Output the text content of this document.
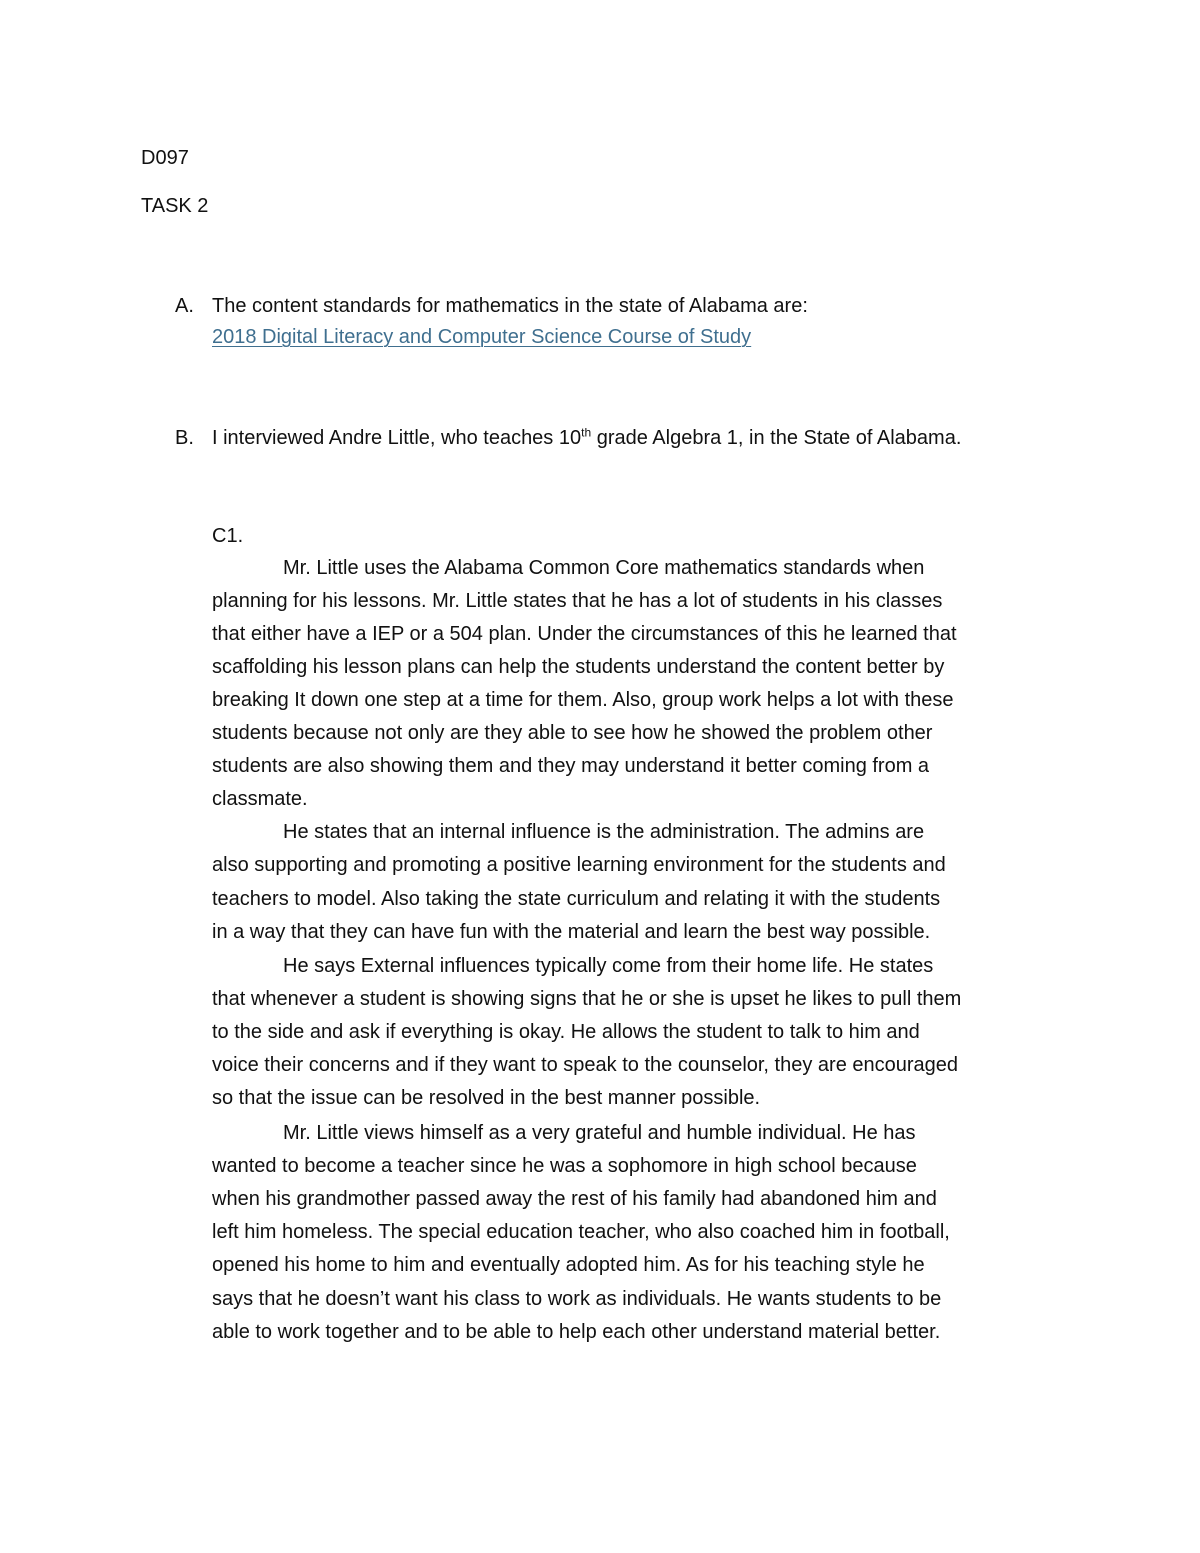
D097
TASK 2
A. The content standards for mathematics in the state of Alabama are:
2018 Digital Literacy and Computer Science Course of Study
B. I interviewed Andre Little, who teaches 10th grade Algebra 1, in the State of Alabama.
C1.
Mr. Little uses the Alabama Common Core mathematics standards when
planning for his lessons. Mr. Little states that he has a lot of students in his classes
that either have a IEP or a 504 plan. Under the circumstances of this he learned that
scaffolding his lesson plans can help the students understand the content better by
breaking It down one step at a time for them. Also, group work helps a lot with these
students because not only are they able to see how he showed the problem other
students are also showing them and they may understand it better coming from a
classmate.
He states that an internal influence is the administration. The admins are
also supporting and promoting a positive learning environment for the students and
teachers to model. Also taking the state curriculum and relating it with the students
in a way that they can have fun with the material and learn the best way possible.
He says External influences typically come from their home life. He states
that whenever a student is showing signs that he or she is upset he likes to pull them
to the side and ask if everything is okay. He allows the student to talk to him and
voice their concerns and if they want to speak to the counselor, they are encouraged
so that the issue can be resolved in the best manner possible.
Mr. Little views himself as a very grateful and humble individual. He has
wanted to become a teacher since he was a sophomore in high school because
when his grandmother passed away the rest of his family had abandoned him and
left him homeless. The special education teacher, who also coached him in football,
opened his home to him and eventually adopted him. As for his teaching style he
says that he doesn’t want his class to work as individuals. He wants students to be
able to work together and to be able to help each other understand material better.
